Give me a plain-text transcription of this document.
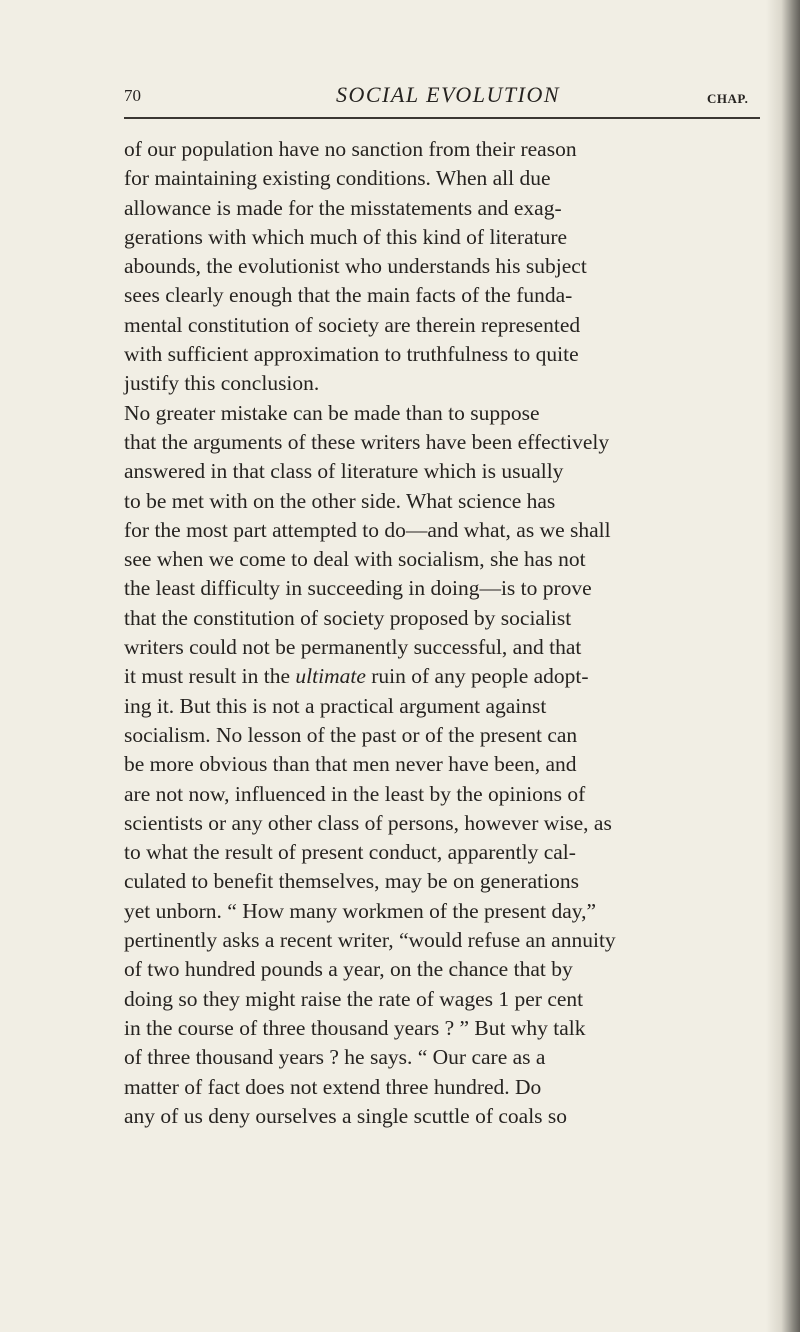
70	SOCIAL EVOLUTION	CHAP.
of our population have no sanction from their reason
for maintaining existing conditions. When all due
allowance is made for the misstatements and exag-
gerations with which much of this kind of literature
abounds, the evolutionist who understands his subject
sees clearly enough that the main facts of the funda-
mental constitution of society are therein represented
with sufficient approximation to truthfulness to quite
justify this conclusion.
No greater mistake can be made than to suppose
that the arguments of these writers have been effectively
answered in that class of literature which is usually
to be met with on the other side. What science has
for the most part attempted to do—and what, as we shall
see when we come to deal with socialism, she has not
the least difficulty in succeeding in doing—is to prove
that the constitution of society proposed by socialist
writers could not be permanently successful, and that
it must result in the ultimate ruin of any people adopt-
ing it. But this is not a practical argument against
socialism. No lesson of the past or of the present can
be more obvious than that men never have been, and
are not now, influenced in the least by the opinions of
scientists or any other class of persons, however wise, as
to what the result of present conduct, apparently cal-
culated to benefit themselves, may be on generations
yet unborn. “ How many workmen of the present day,”
pertinently asks a recent writer, “would refuse an annuity
of two hundred pounds a year, on the chance that by
doing so they might raise the rate of wages 1 per cent
in the course of three thousand years ? ” But why talk
of three thousand years ? he says. “ Our care as a
matter of fact does not extend three hundred. Do
any of us deny ourselves a single scuttle of coals so
